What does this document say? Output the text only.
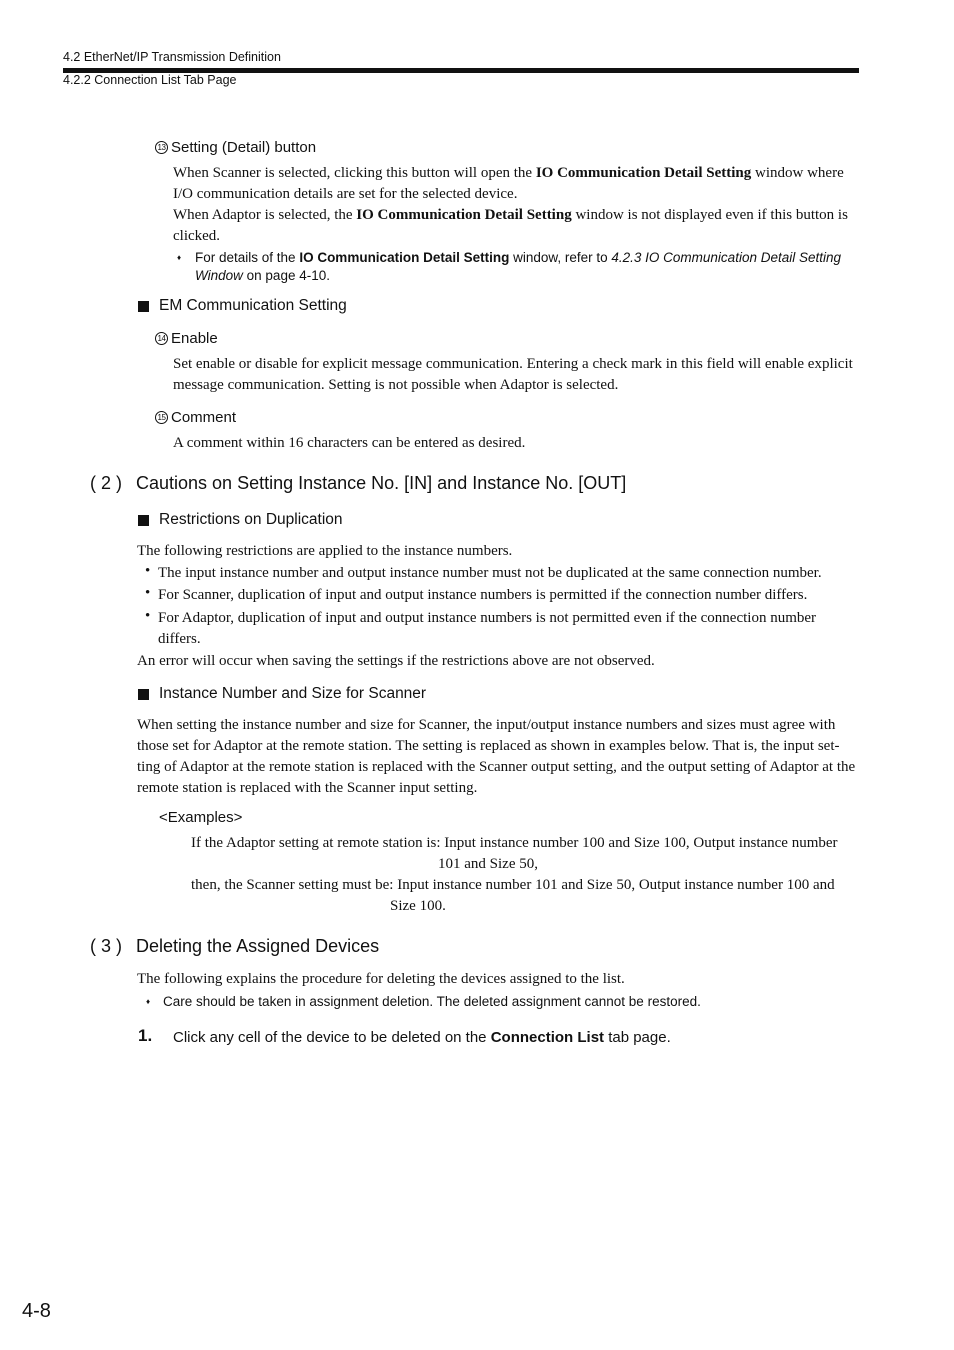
4.2 EtherNet/IP Transmission Definition
4.2.2 Connection List Tab Page
13 Setting (Detail) button
When Scanner is selected, clicking this button will open the IO Communication Detail Setting window where
I/O communication details are set for the selected device.
When Adaptor is selected, the IO Communication Detail Setting window is not displayed even if this button is
clicked.
♦	For details of the IO Communication Detail Setting window, refer to 4.2.3 IO Communication Detail Setting
Window on page 4-10.
EM Communication Setting
14 Enable
Set enable or disable for explicit message communication. Entering a check mark in this field will enable explicit
message communication. Setting is not possible when Adaptor is selected.
15 Comment
A comment within 16 characters can be entered as desired.
( 2 ) Cautions on Setting Instance No. [IN] and Instance No. [OUT]
Restrictions on Duplication
The following restrictions are applied to the instance numbers.
• The input instance number and output instance number must not be duplicated at the same connection number.
• For Scanner, duplication of input and output instance numbers is permitted if the connection number differs.
• For Adaptor, duplication of input and output instance numbers is not permitted even if the connection number
differs.
An error will occur when saving the settings if the restrictions above are not observed.
Instance Number and Size for Scanner
When setting the instance number and size for Scanner, the input/output instance numbers and sizes must agree with
those set for Adaptor at the remote station. The setting is replaced as shown in examples below. That is, the input set-
ting of Adaptor at the remote station is replaced with the Scanner output setting, and the output setting of Adaptor at the
remote station is replaced with the Scanner input setting.
<Examples>
If the Adaptor setting at remote station is: Input instance number 100 and Size 100, Output instance number
101 and Size 50,
then, the Scanner setting must be: Input instance number 101 and Size 50, Output instance number 100 and
Size 100.
( 3 ) Deleting the Assigned Devices
The following explains the procedure for deleting the devices assigned to the list.
♦ Care should be taken in assignment deletion. The deleted assignment cannot be restored.
1. Click any cell of the device to be deleted on the Connection List tab page.
4-8
